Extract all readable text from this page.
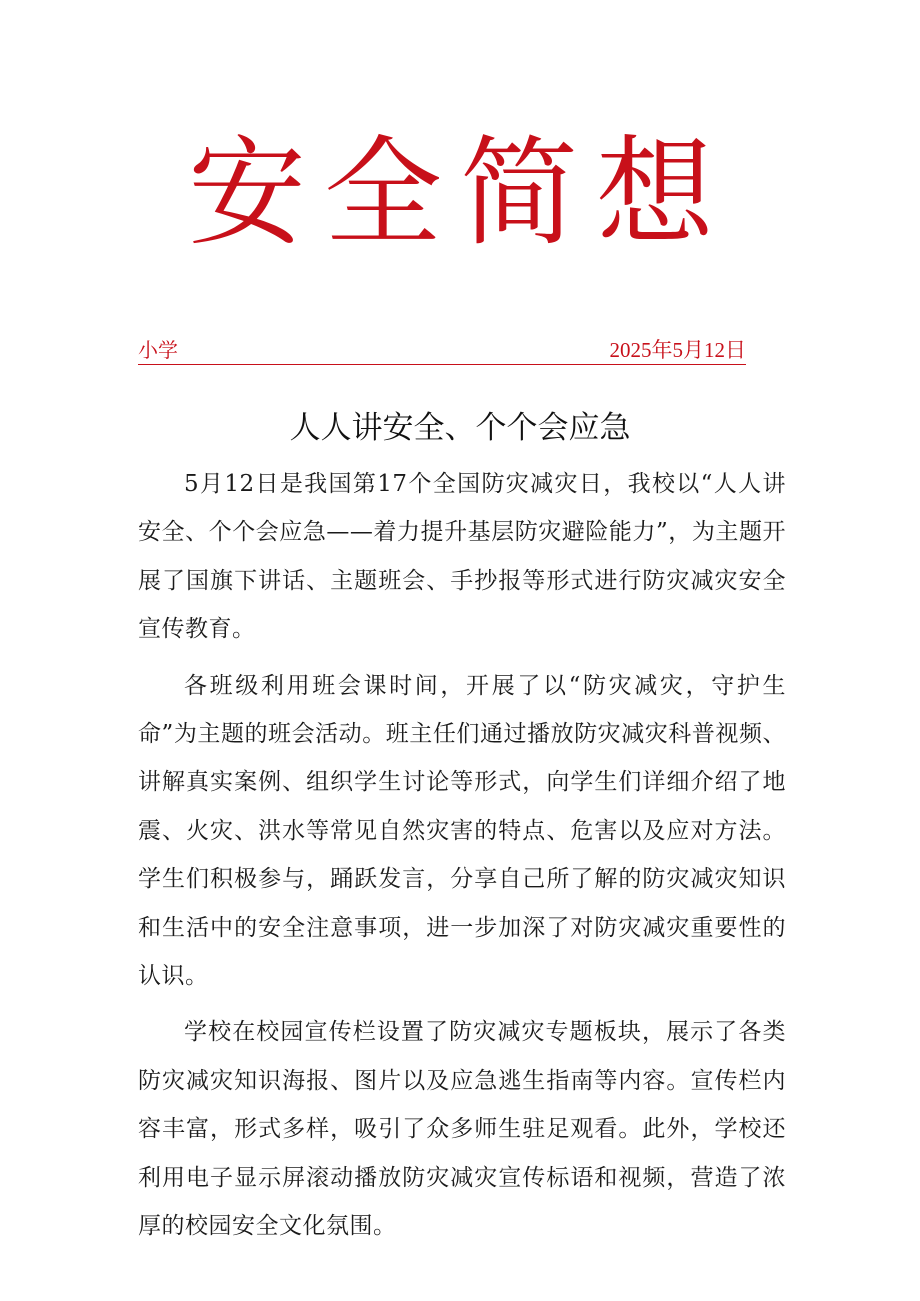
安全简想
小学	2025年5月12日
人人讲安全、个个会应急

5月12日是我国第17个全国防灾减灾日，我校以“人人讲安全、个个会应急——着力提升基层防灾避险能力”，为主题开展了国旗下讲话、主题班会、手抄报等形式进行防灾减灾安全宣传教育。

各班级利用班会课时间，开展了以“防灾减灾，守护生命”为主题的班会活动。班主任们通过播放防灾减灾科普视频、讲解真实案例、组织学生讨论等形式，向学生们详细介绍了地震、火灾、洪水等常见自然灾害的特点、危害以及应对方法。学生们积极参与，踊跃发言，分享自己所了解的防灾减灾知识和生活中的安全注意事项，进一步加深了对防灾减灾重要性的认识。

学校在校园宣传栏设置了防灾减灾专题板块，展示了各类防灾减灾知识海报、图片以及应急逃生指南等内容。宣传栏内容丰富，形式多样，吸引了众多师生驻足观看。此外，学校还利用电子显示屏滚动播放防灾减灾宣传标语和视频，营造了浓厚的校园安全文化氛围。
